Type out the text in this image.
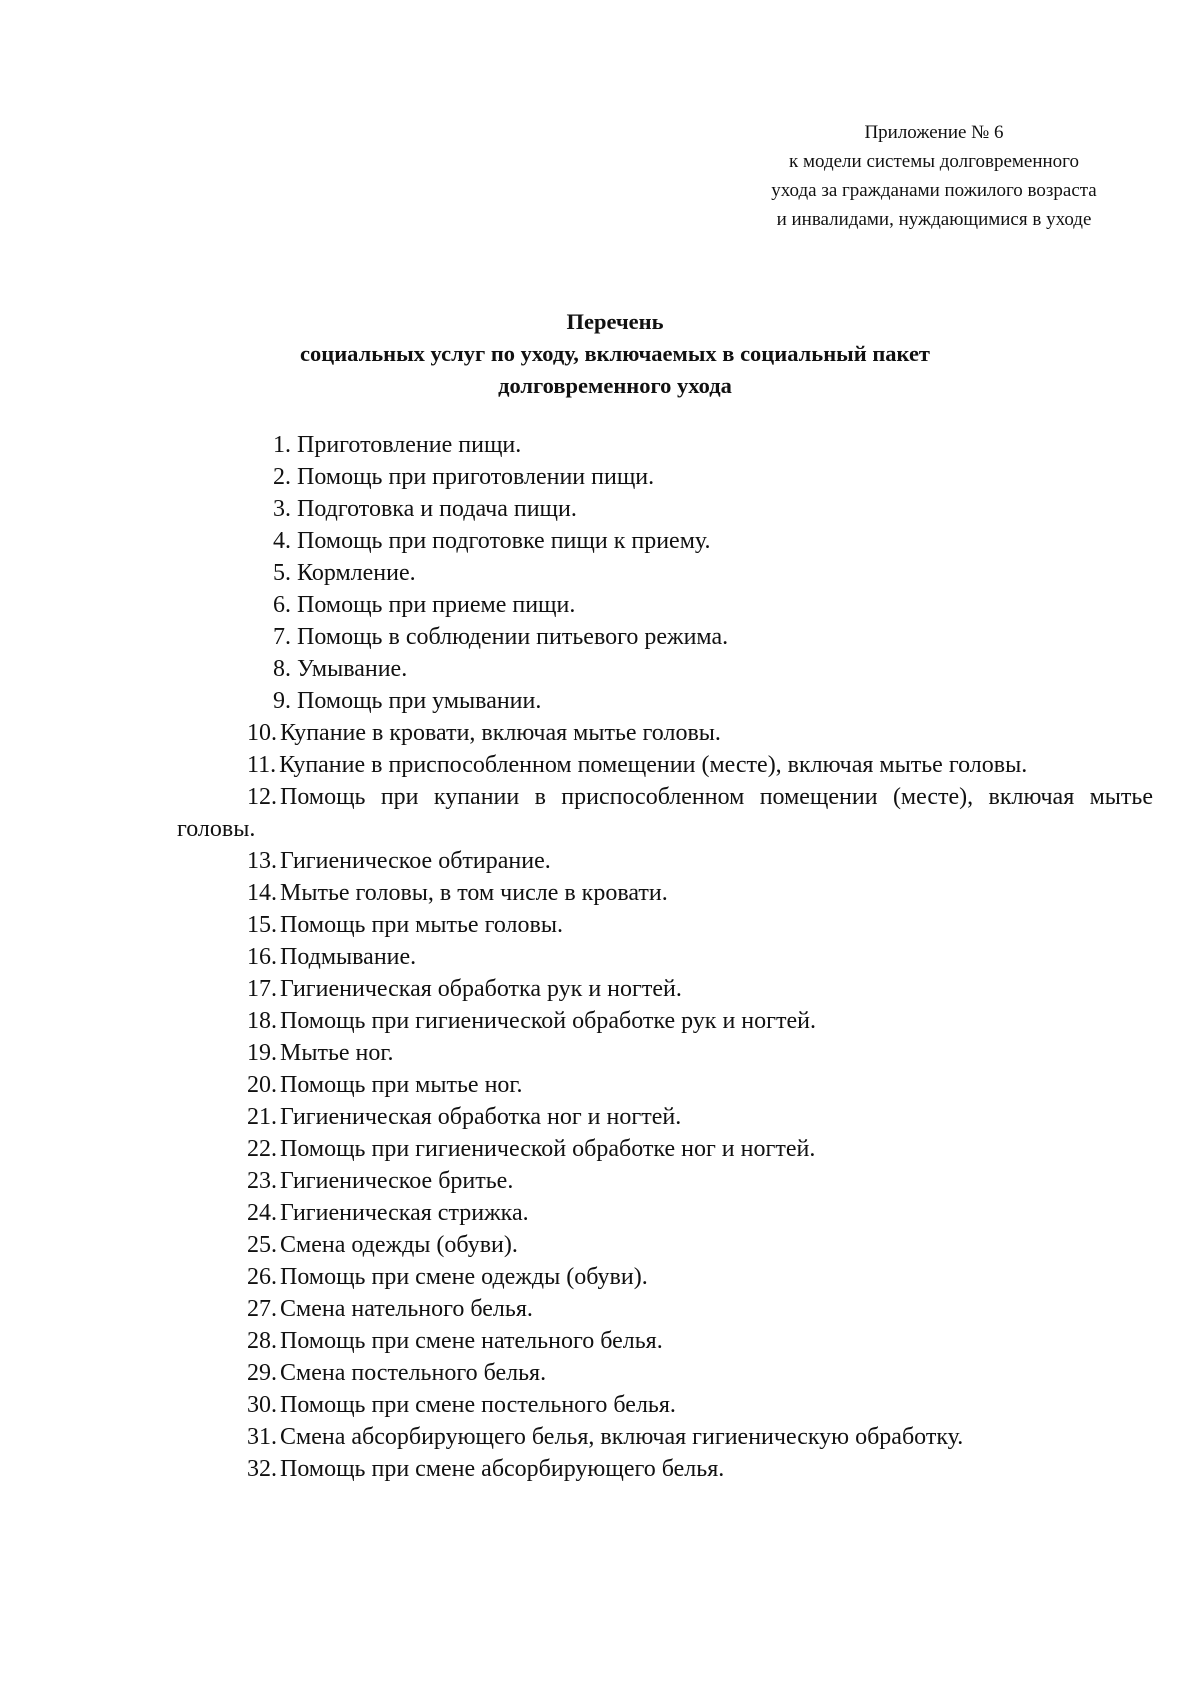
Приложение № 6
к модели системы долговременного
ухода за гражданами пожилого возраста
и инвалидами, нуждающимися в уходе
Перечень
социальных услуг по уходу, включаемых в социальный пакет
долговременного ухода
1. Приготовление пищи.
2. Помощь при приготовлении пищи.
3. Подготовка и подача пищи.
4. Помощь при подготовке пищи к приему.
5. Кормление.
6. Помощь при приеме пищи.
7. Помощь в соблюдении питьевого режима.
8. Умывание.
9. Помощь при умывании.
10. Купание в кровати, включая мытье головы.
11. Купание в приспособленном помещении (месте), включая мытье головы.
12. Помощь при купании в приспособленном помещении (месте), включая мытье головы.
13. Гигиеническое обтирание.
14. Мытье головы, в том числе в кровати.
15. Помощь при мытье головы.
16. Подмывание.
17. Гигиеническая обработка рук и ногтей.
18. Помощь при гигиенической обработке рук и ногтей.
19. Мытье ног.
20. Помощь при мытье ног.
21. Гигиеническая обработка ног и ногтей.
22. Помощь при гигиенической обработке ног и ногтей.
23. Гигиеническое бритье.
24. Гигиеническая стрижка.
25. Смена одежды (обуви).
26. Помощь при смене одежды (обуви).
27. Смена нательного белья.
28. Помощь при смене нательного белья.
29. Смена постельного белья.
30. Помощь при смене постельного белья.
31. Смена абсорбирующего белья, включая гигиеническую обработку.
32. Помощь при смене абсорбирующего белья.
